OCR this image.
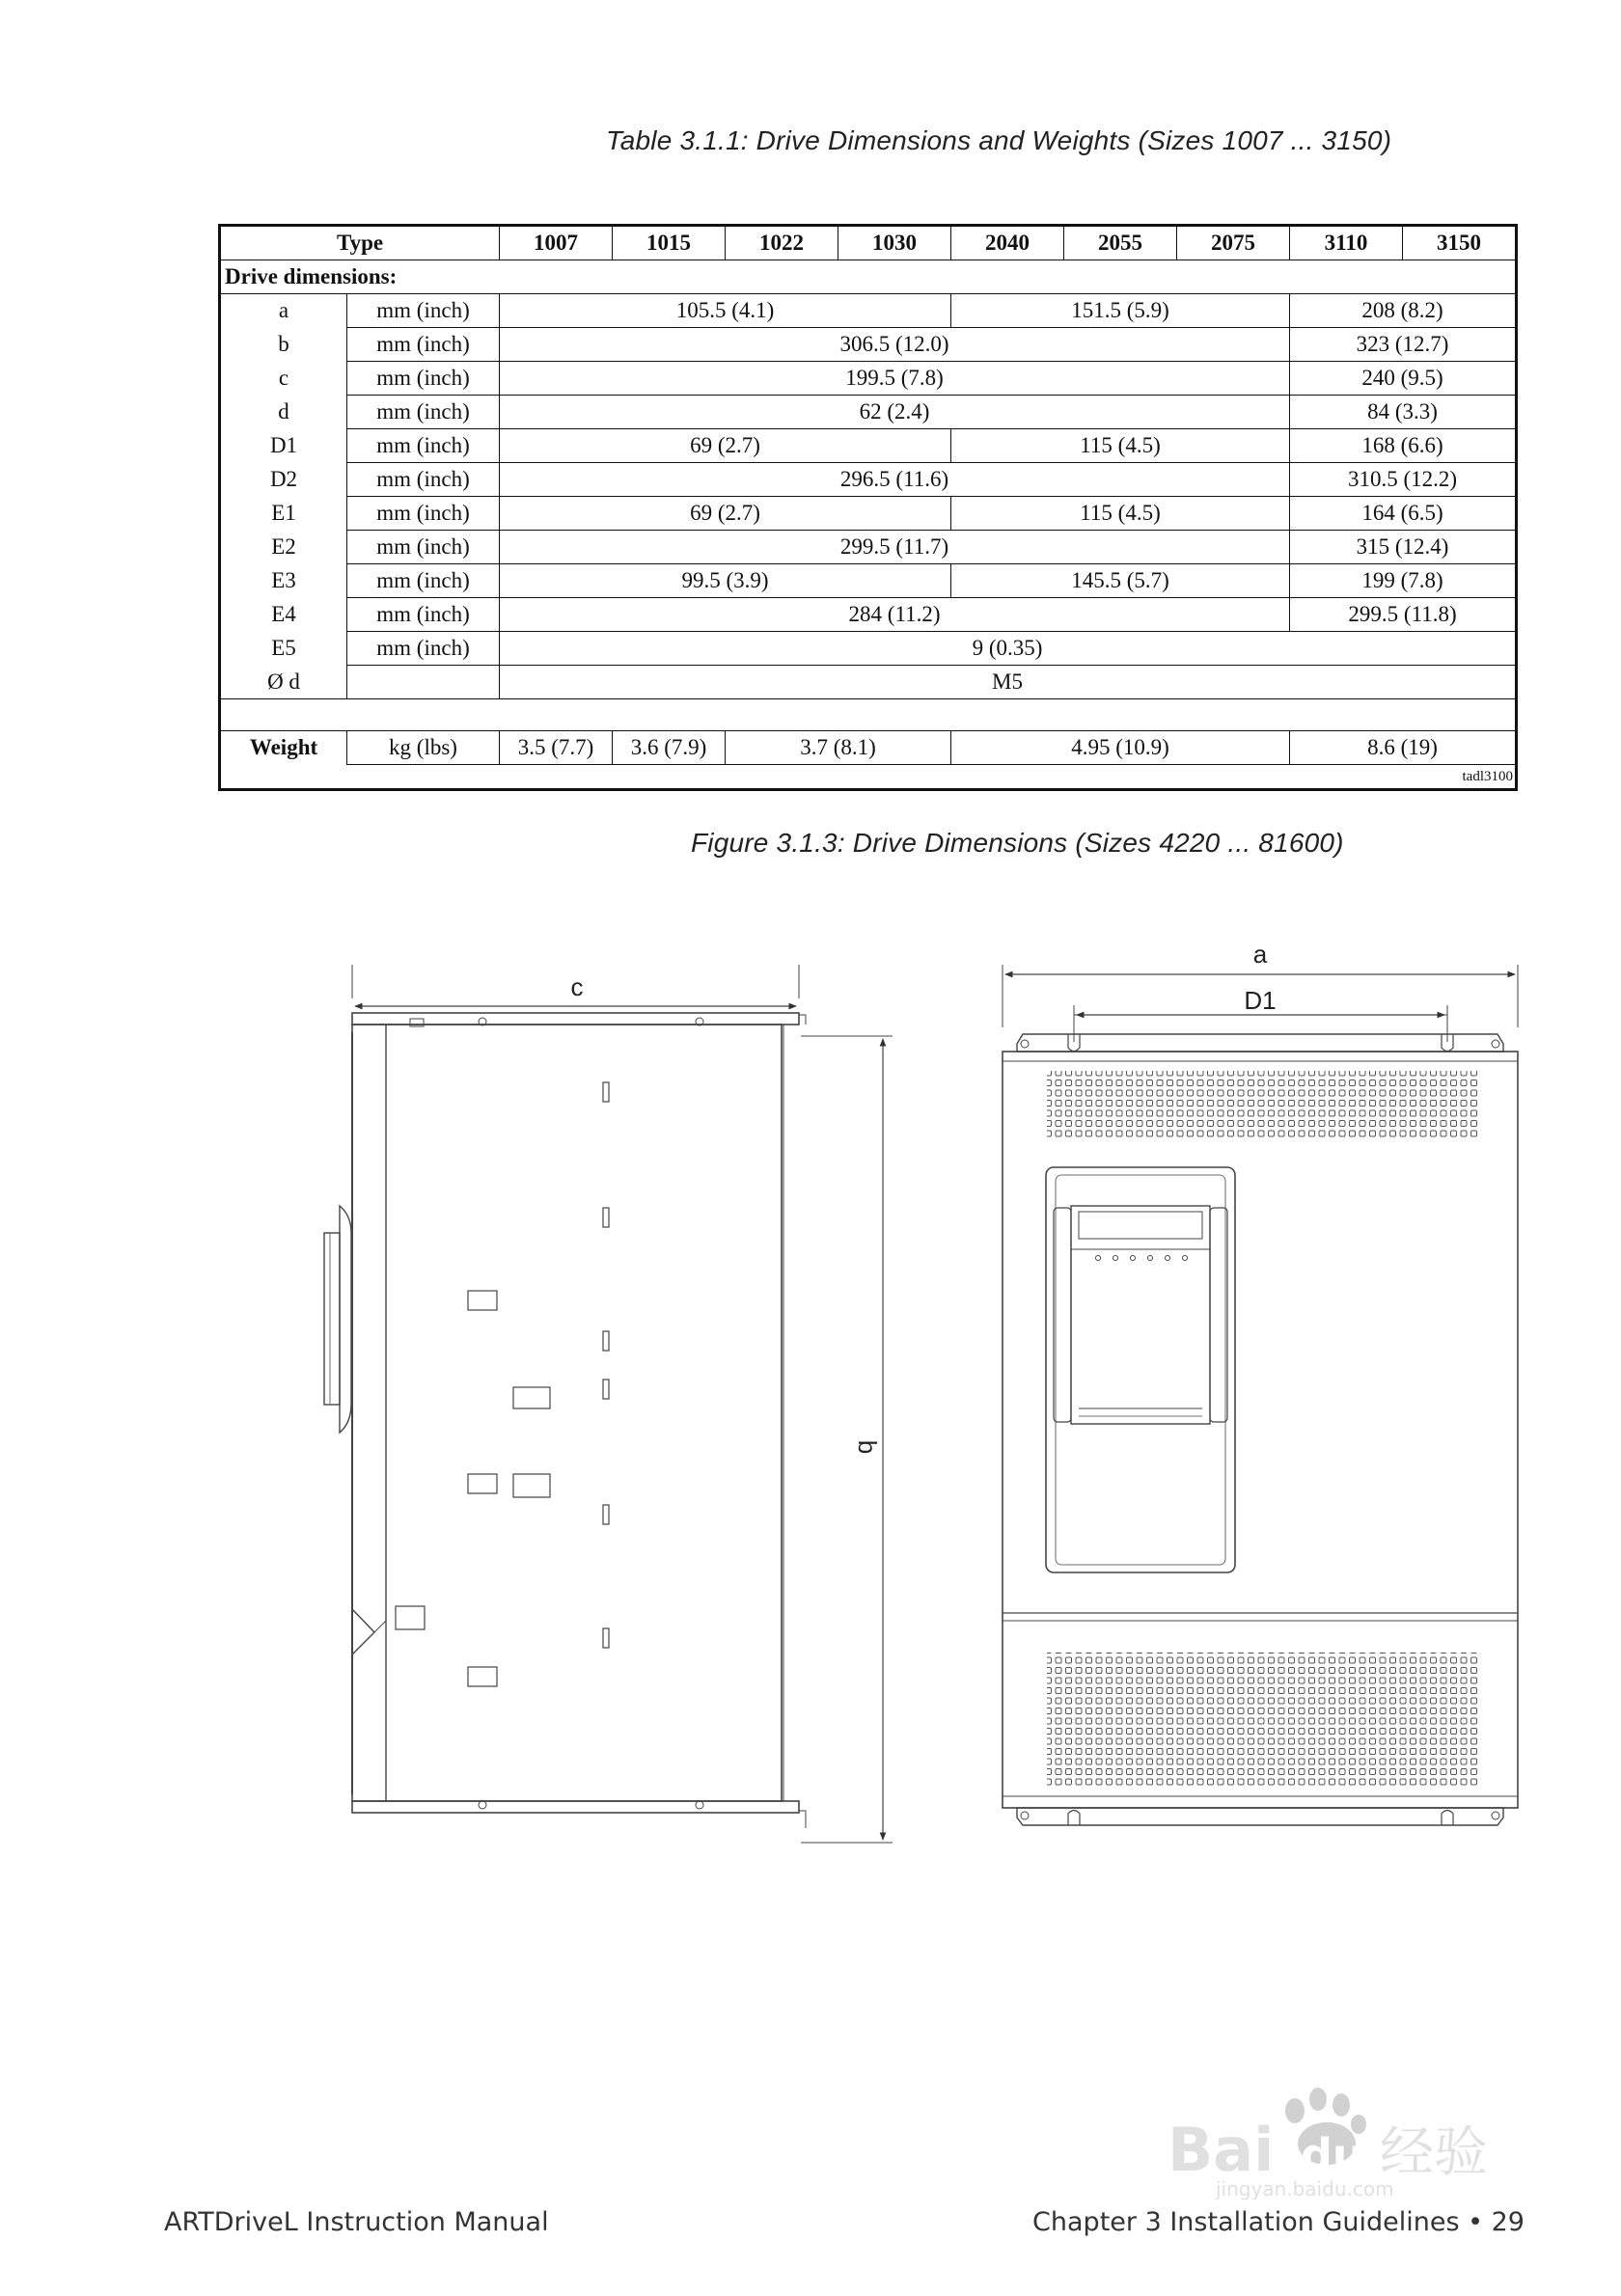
Table 3.1.1: Drive Dimensions and Weights (Sizes 1007 ... 3150)
Type		1007	1015	1022	1030	2040	2055	2075	3110	3150
Drive dimensions:										
a	mm (inch)	105.5 (4.1)				151.5 (5.9)			208 (8.2)	
b	mm (inch)	306.5 (12.0)							323 (12.7)	
c	mm (inch)	199.5 (7.8)							240 (9.5)	
d	mm (inch)	62 (2.4)							84 (3.3)	
D1	mm (inch)	69 (2.7)				115 (4.5)			168 (6.6)	
D2	mm (inch)	296.5 (11.6)							310.5 (12.2)	
E1	mm (inch)	69 (2.7)				115 (4.5)			164 (6.5)	
E2	mm (inch)	299.5 (11.7)							315 (12.4)	
E3	mm (inch)	99.5 (3.9)				145.5 (5.7)			199 (7.8)	
E4	mm (inch)	284 (11.2)							299.5 (11.8)	
E5	mm (inch)	9 (0.35)								
Ø d		M5								

Weight	kg (lbs)	3.5 (7.7)	3.6 (7.9)	3.7 (8.1)		4.95 (10.9)			8.6 (19)	
tadl3100										
Figure 3.1.3: Drive Dimensions (Sizes 4220 ... 81600)
c
b
a
D1
Bai du 经验
jingyan.baidu.com
ARTDriveL Instruction Manual	Chapter 3 Installation Guidelines • 29
